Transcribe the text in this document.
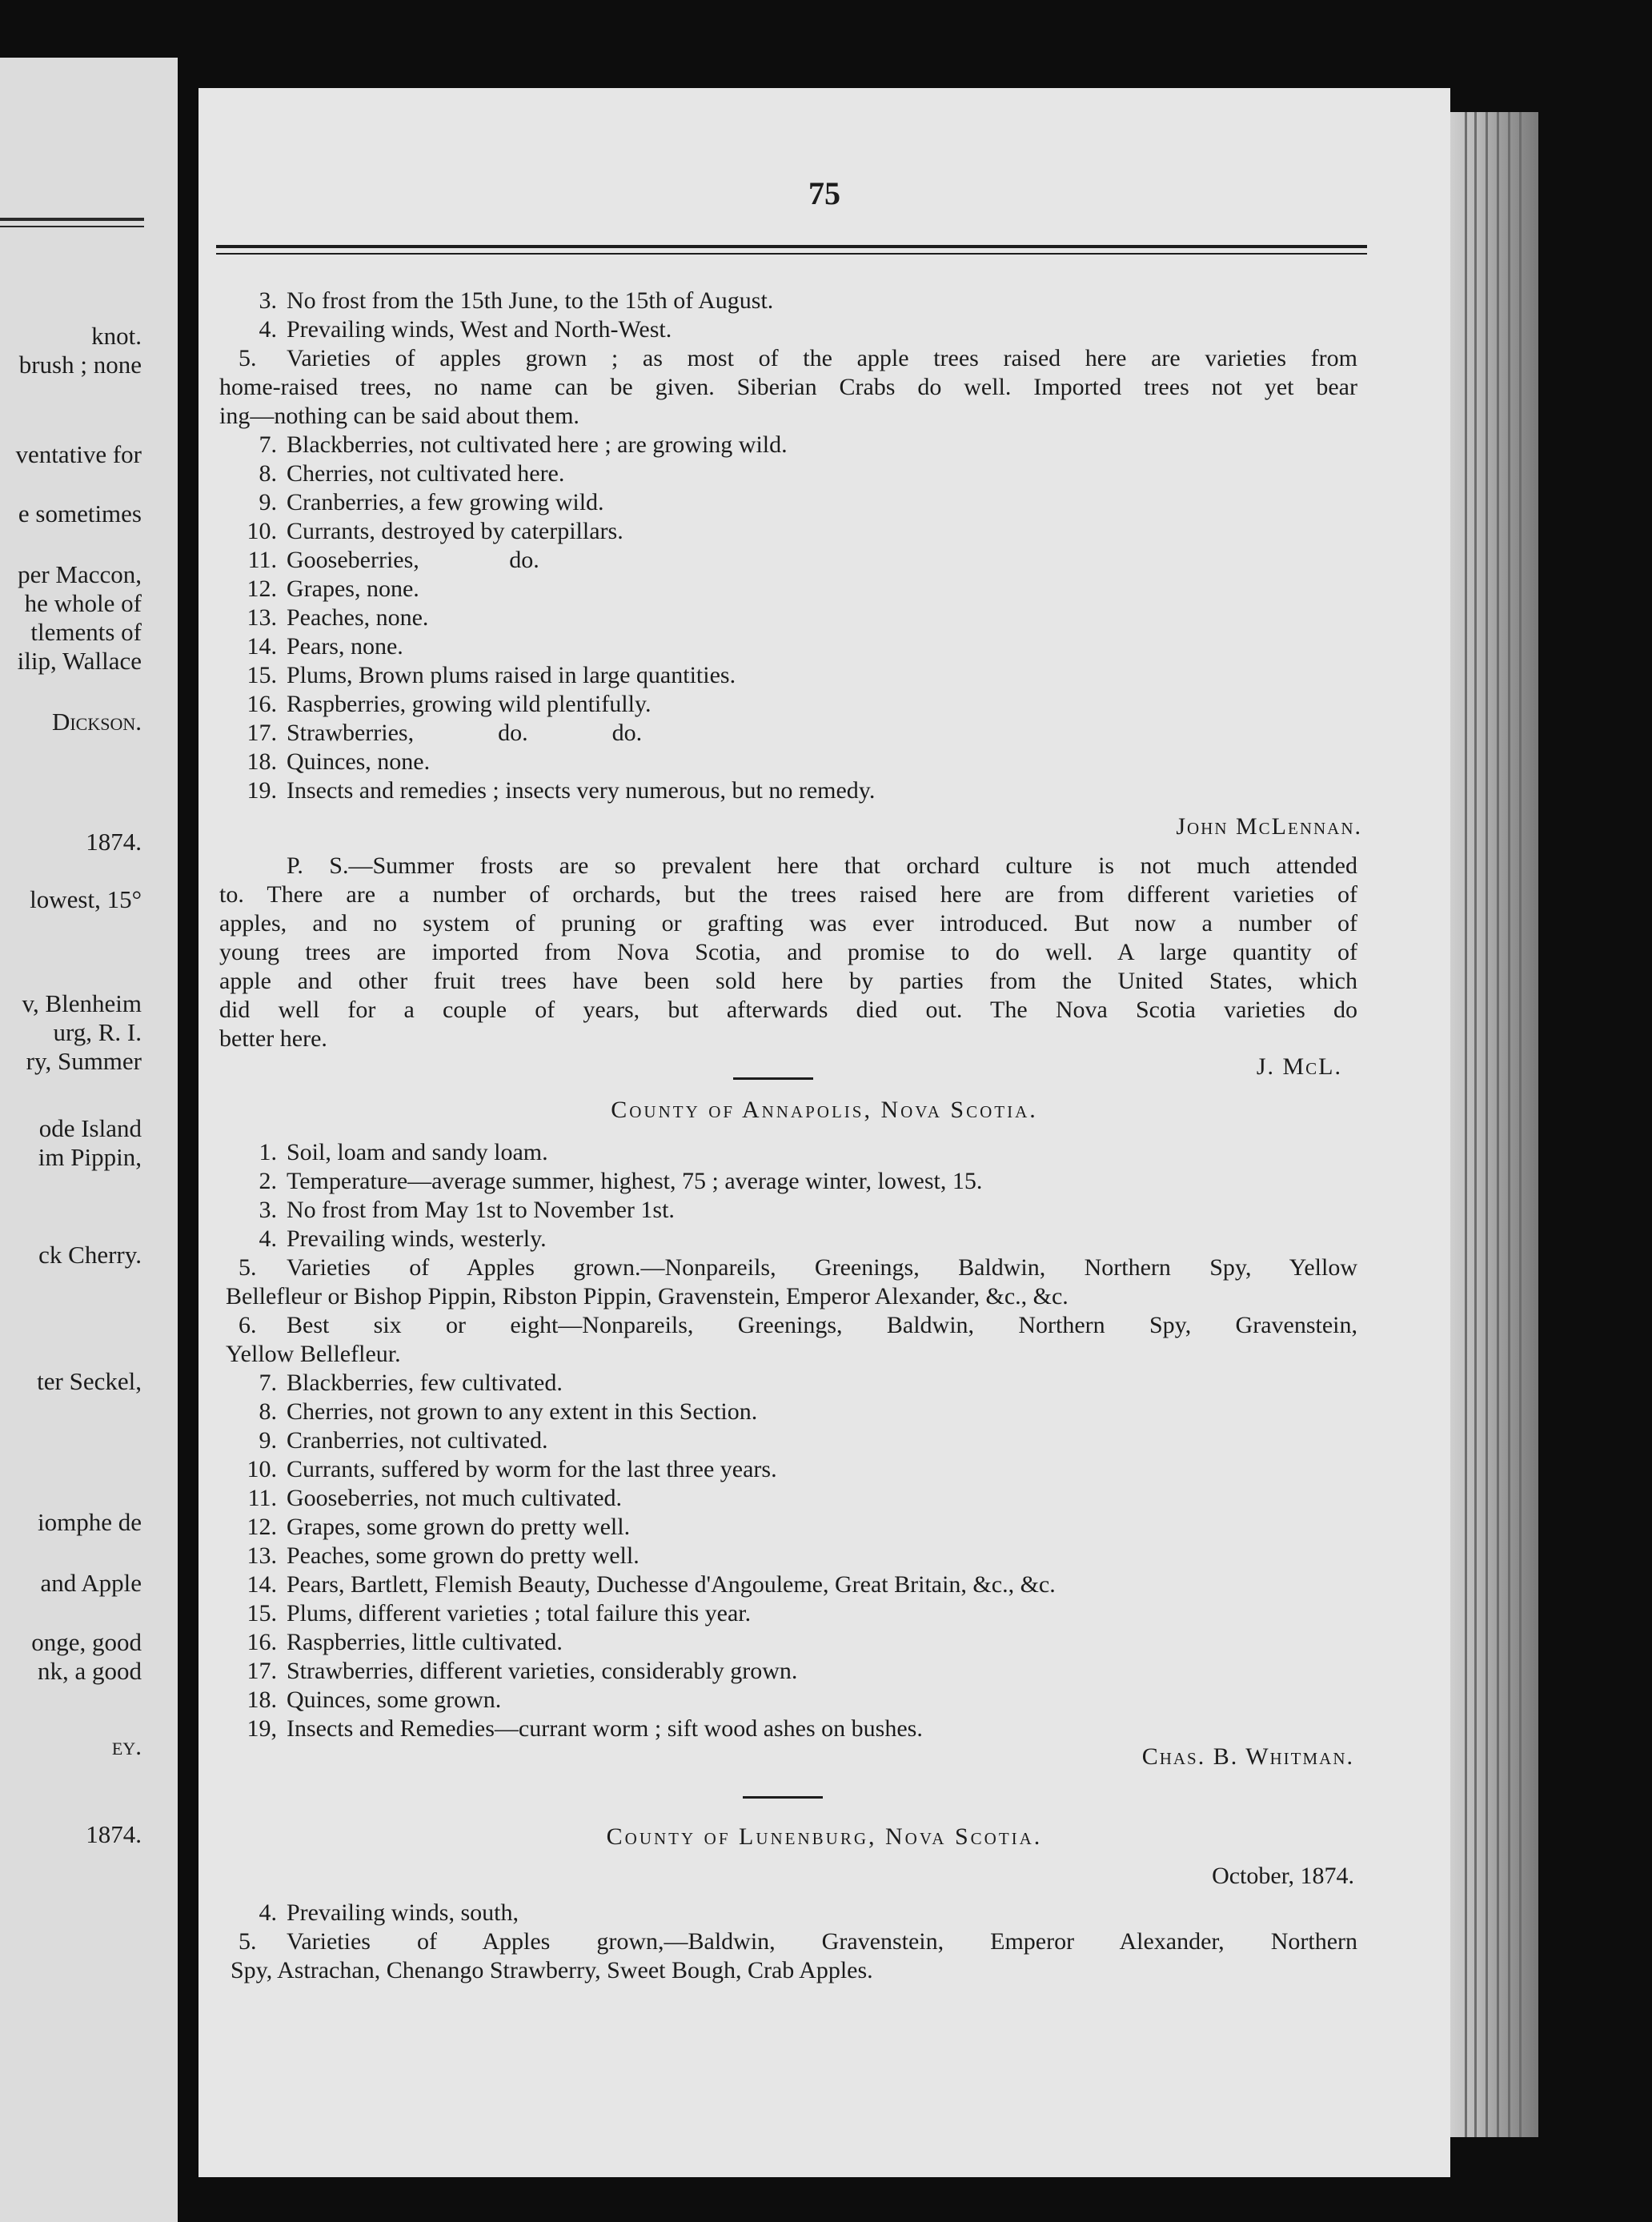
knot.
brush ; none
ventative for
e sometimes
per Maccon,
he whole of
tlements of
ilip, Wallace
Dickson.
1874.
lowest, 15°
v, Blenheim
urg, R. I.
ry, Summer
ode Island
im Pippin,
ck Cherry.
ter Seckel,
iomphe de
and Apple
onge, good
nk, a good
ey.
1874.
75
3. No frost from the 15th June, to the 15th of August.
4. Prevailing winds, West and North-West.
5. Varieties of apples grown ; as most of the apple trees raised here are varieties from
home-raised trees, no name can be given. Siberian Crabs do well. Imported trees not yet bear
ing—nothing can be said about them.
7. Blackberries, not cultivated here ; are growing wild.
8. Cherries, not cultivated here.
9. Cranberries, a few growing wild.
10. Currants, destroyed by caterpillars.
11. Gooseberries,               do.
12. Grapes, none.
13. Peaches, none.
14. Pears, none.
15. Plums, Brown plums raised in large quantities.
16. Raspberries, growing wild plentifully.
17. Strawberries,              do.              do.
18. Quinces, none.
19. Insects and remedies ; insects very numerous, but no remedy.
John McLennan.
P. S.—Summer frosts are so prevalent here that orchard culture is not much attended
to. There are a number of orchards, but the trees raised here are from different varieties of
apples, and no system of pruning or grafting was ever introduced. But now a number of
young trees are imported from Nova Scotia, and promise to do well. A large quantity of
apple and other fruit trees have been sold here by parties from the United States, which
did well for a couple of years, but afterwards died out. The Nova Scotia varieties do
better here.
J. McL.
County of Annapolis, Nova Scotia.
1. Soil, loam and sandy loam.
2. Temperature—average summer, highest, 75 ; average winter, lowest, 15.
3. No frost from May 1st to November 1st.
4. Prevailing winds, westerly.
5. Varieties of Apples grown.—Nonpareils, Greenings, Baldwin, Northern Spy, Yellow
Bellefleur or Bishop Pippin, Ribston Pippin, Gravenstein, Emperor Alexander, &c., &c.
6. Best six or eight—Nonpareils, Greenings, Baldwin, Northern Spy, Gravenstein,
Yellow Bellefleur.
7. Blackberries, few cultivated.
8. Cherries, not grown to any extent in this Section.
9. Cranberries, not cultivated.
10. Currants, suffered by worm for the last three years.
11. Gooseberries, not much cultivated.
12. Grapes, some grown do pretty well.
13. Peaches, some grown do pretty well.
14. Pears, Bartlett, Flemish Beauty, Duchesse d'Angouleme, Great Britain, &c., &c.
15. Plums, different varieties ; total failure this year.
16. Raspberries, little cultivated.
17. Strawberries, different varieties, considerably grown.
18. Quinces, some grown.
19, Insects and Remedies—currant worm ; sift wood ashes on bushes.
Chas. B. Whitman.
County of Lunenburg, Nova Scotia.
October, 1874.
4. Prevailing winds, south,
5. Varieties of Apples grown,—Baldwin, Gravenstein, Emperor Alexander, Northern
Spy, Astrachan, Chenango Strawberry, Sweet Bough, Crab Apples.
